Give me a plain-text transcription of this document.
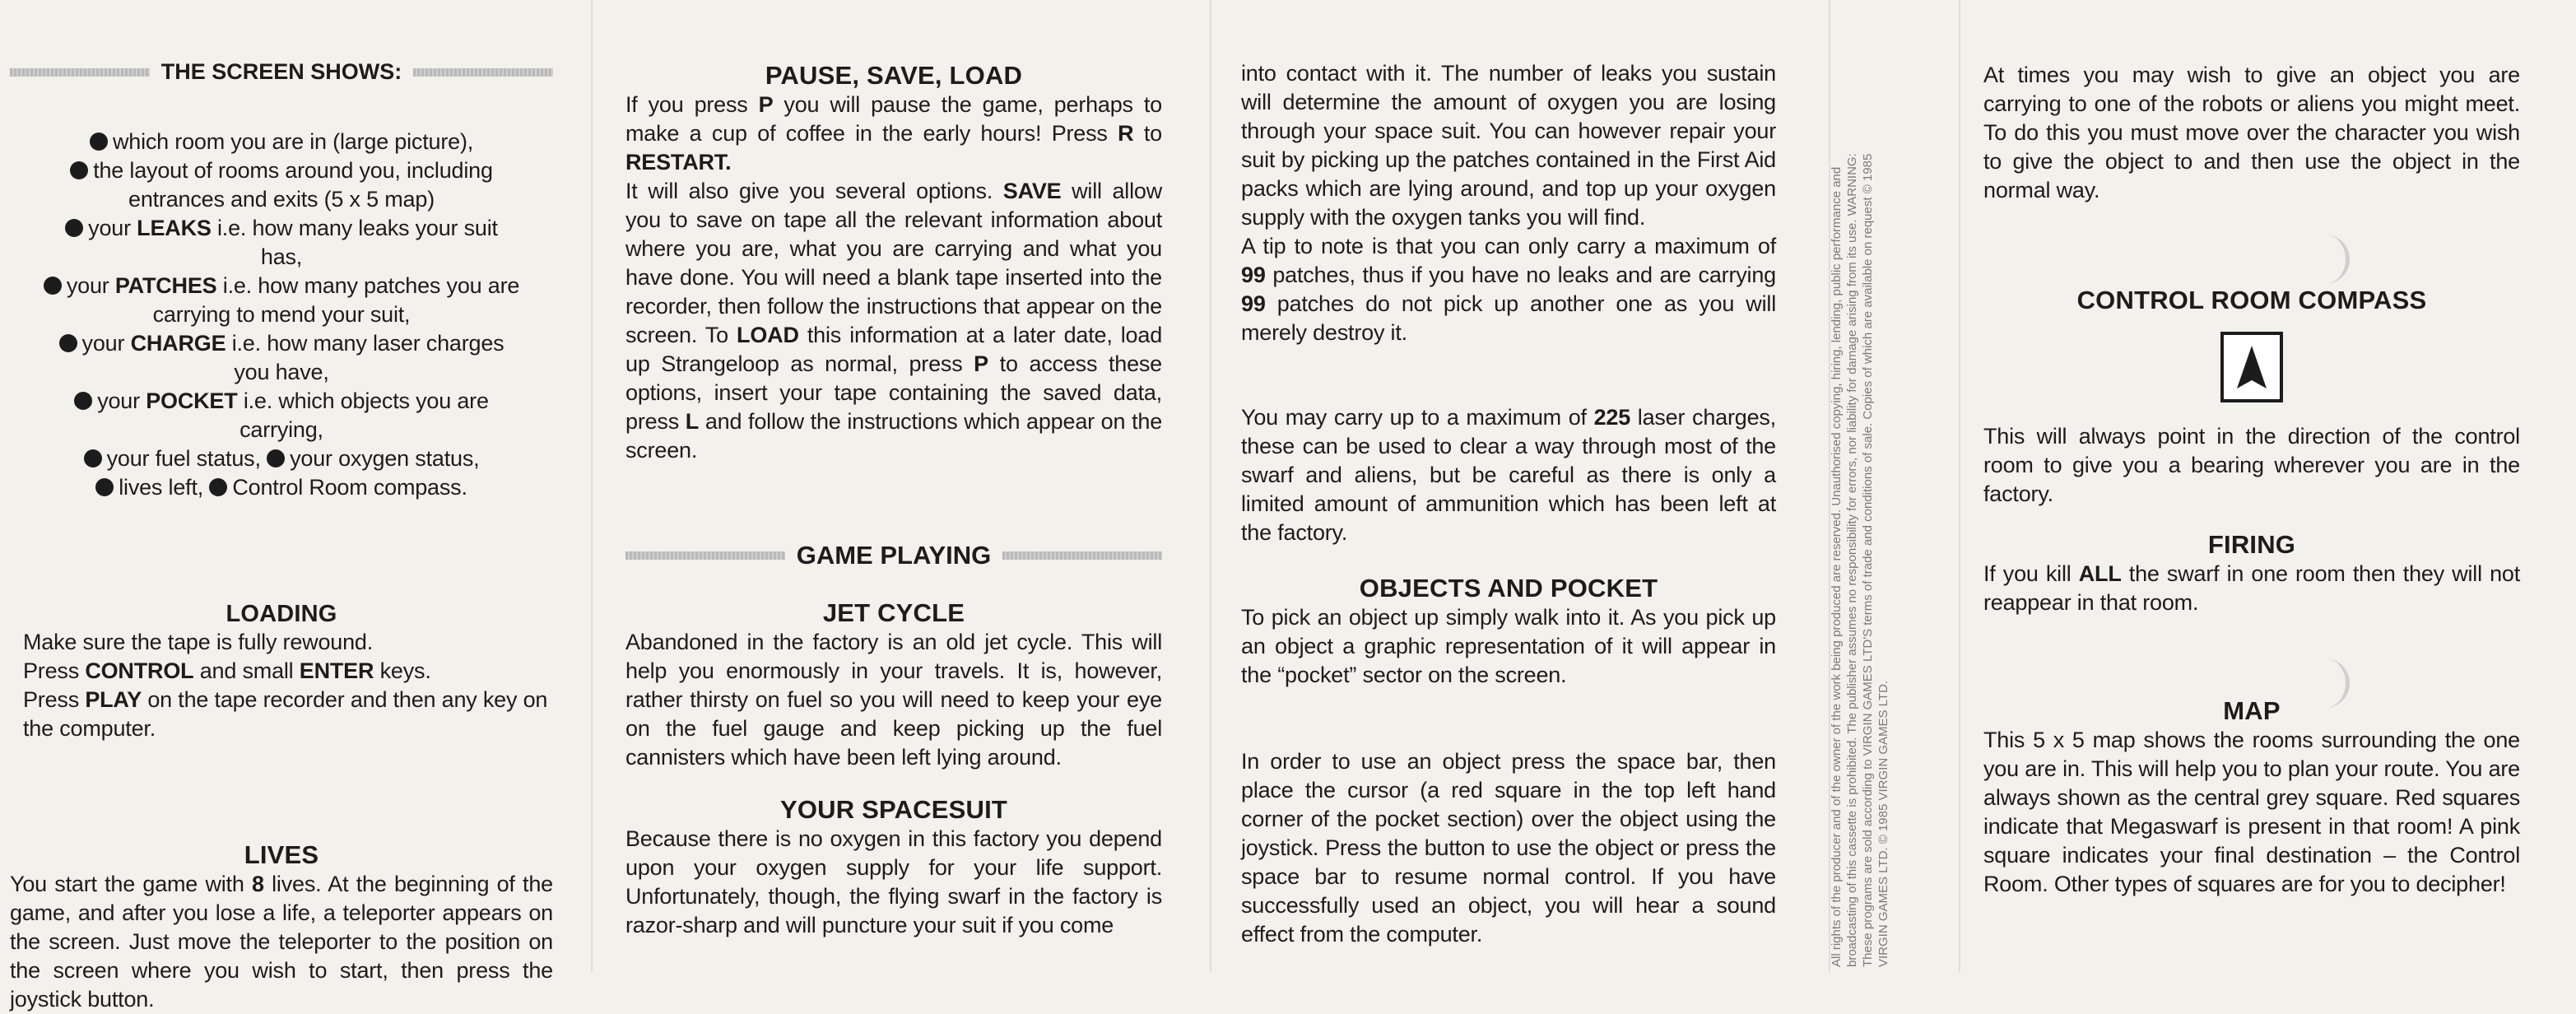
THE SCREEN SHOWS:

which room you are in (large picture),

the layout of rooms around you, including entrances and exits (5 x 5 map)

your LEAKS i.e. how many leaks your suit has,

your PATCHES i.e. how many patches you are carrying to mend your suit,

your CHARGE i.e. how many laser charges you have,

your POCKET i.e. which objects you are carrying,

your fuel status, your oxygen status,

lives left, Control Room compass.

LOADING

Make sure the tape is fully rewound.

Press CONTROL and small ENTER keys.

Press PLAY on the tape recorder and then any key on the computer.

LIVES

You start the game with 8 lives. At the beginning of the game, and after you lose a life, a teleporter appears on the screen. Just move the teleporter to the position on the screen where you wish to start, then press the joystick button.

PAUSE, SAVE, LOAD

If you press P you will pause the game, perhaps to make a cup of coffee in the early hours! Press R to RESTART.

It will also give you several options. SAVE will allow you to save on tape all the relevant information about where you are, what you are carrying and what you have done. You will need a blank tape inserted into the recorder, then follow the instructions that appear on the screen. To LOAD this information at a later date, load up Strangeloop as normal, press P to access these options, insert your tape containing the saved data, press L and follow the instructions which appear on the screen.

GAME PLAYING
JET CYCLE

Abandoned in the factory is an old jet cycle. This will help you enormously in your travels. It is, however, rather thirsty on fuel so you will need to keep your eye on the fuel gauge and keep picking up the fuel cannisters which have been left lying around.

YOUR SPACESUIT

Because there is no oxygen in this factory you depend upon your oxygen supply for your life support. Unfortunately, though, the flying swarf in the factory is razor-sharp and will puncture your suit if you come

into contact with it. The number of leaks you sustain will determine the amount of oxygen you are losing through your space suit. You can however repair your suit by picking up the patches contained in the First Aid packs which are lying around, and top up your oxygen supply with the oxygen tanks you will find.

A tip to note is that you can only carry a maximum of 99 patches, thus if you have no leaks and are carrying 99 patches do not pick up another one as you will merely destroy it.

You may carry up to a maximum of 225 laser charges, these can be used to clear a way through most of the swarf and aliens, but be careful as there is only a limited amount of ammunition which has been left at the factory.

OBJECTS AND POCKET

To pick an object up simply walk into it. As you pick up an object a graphic representation of it will appear in the “pocket” sector on the screen.

In order to use an object press the space bar, then place the cursor (a red square in the top left hand corner of the pocket section) over the object using the joystick. Press the button to use the object or press the space bar to resume normal control. If you have successfully used an object, you will hear a sound effect from the computer.	All rights of the producer and of the owner of the work being produced are reserved. Unauthorised copying, hiring, lending, public performance and broadcasting of this cassette is prohibited. The publisher assumes no responsibility for errors, nor liability for damage arising from its use. WARNING: These programs are sold according to VIRGIN GAMES LTD'S terms of trade and conditions of sale. Copies of which are available on request © 1985 VIRGIN GAMES LTD. © 1985 VIRGIN GAMES LTD.

At times you may wish to give an object you are carrying to one of the robots or aliens you might meet. To do this you must move over the character you wish to give the object to and then use the object in the normal way.

CONTROL ROOM COMPASS

This will always point in the direction of the control room to give you a bearing wherever you are in the factory.

FIRING

If you kill ALL the swarf in one room then they will not reappear in that room.

MAP

This 5 x 5 map shows the rooms surrounding the one you are in. This will help you to plan your route. You are always shown as the central grey square. Red squares indicate that Megaswarf is present in that room! A pink square indicates your final destination – the Control Room. Other types of squares are for you to decipher!
